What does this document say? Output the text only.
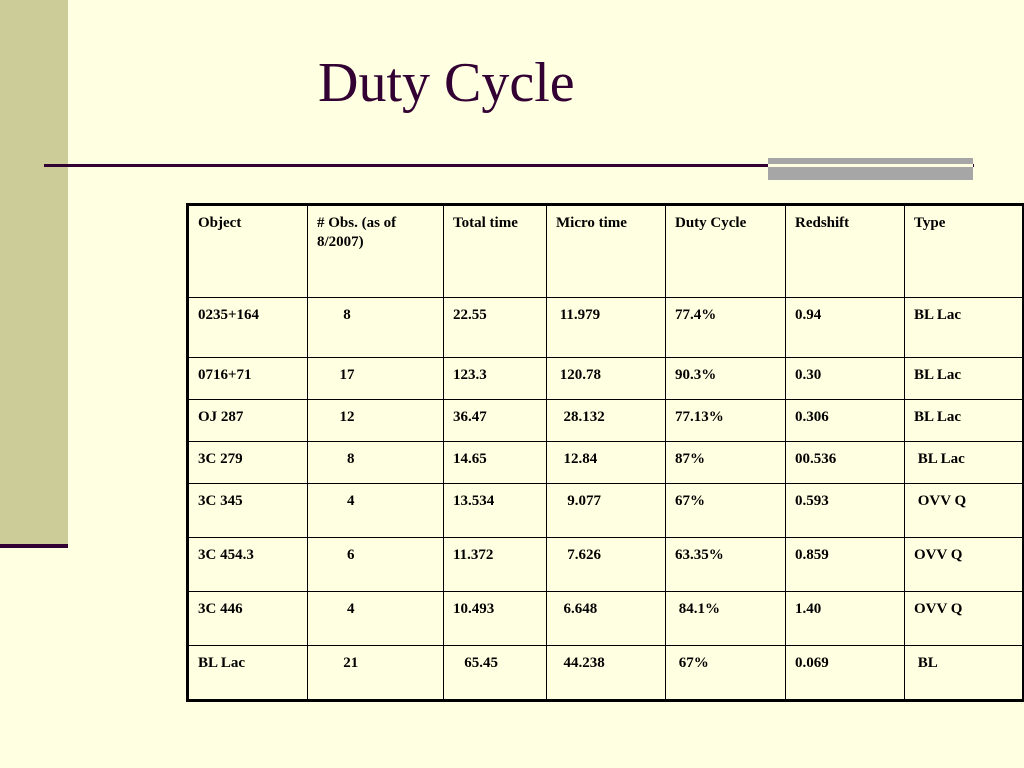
Duty Cycle
Object	# Obs. (as of 8/2007)	Total time	Micro time	Duty Cycle	Redshift	Type
0235+164	8	22.55	11.979	77.4%	0.94	BL Lac
0716+71	17	123.3	120.78	90.3%	0.30	BL Lac
OJ 287	12	36.47	28.132	77.13%	0.306	BL Lac
3C 279	8	14.65	12.84	87%	00.536	BL Lac
3C 345	4	13.534	9.077	67%	0.593	OVV Q
3C 454.3	6	11.372	7.626	63.35%	0.859	OVV Q
3C 446	4	10.493	6.648	84.1%	1.40	OVV Q
BL Lac	21	65.45	44.238	67%	0.069	BL
